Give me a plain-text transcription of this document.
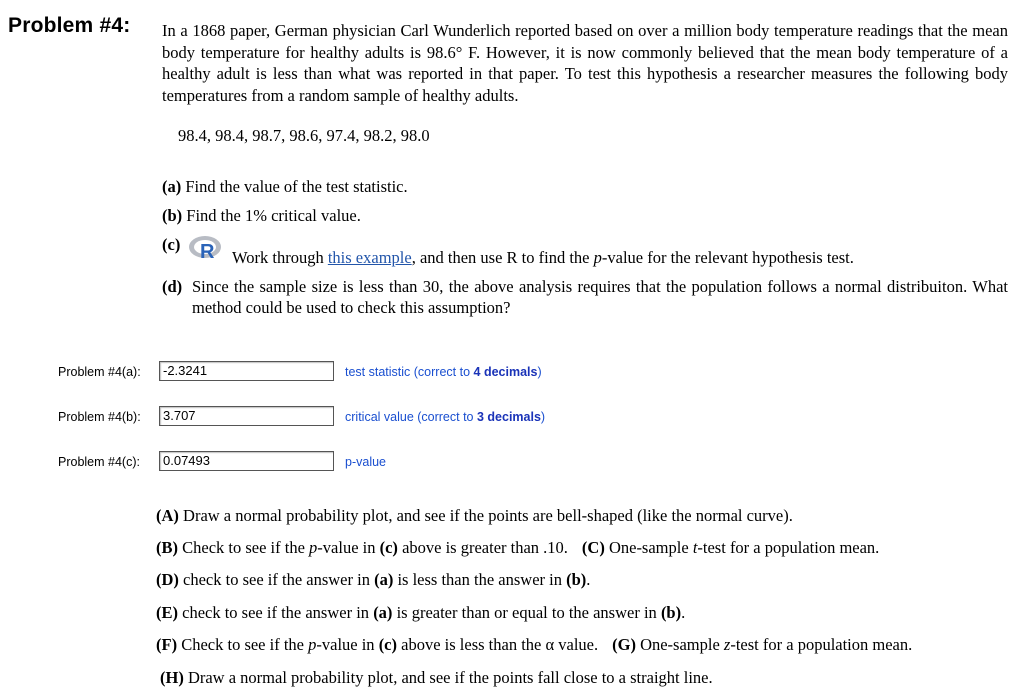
Problem #4: In a 1868 paper, German physician Carl Wunderlich reported based on over a million body temperature readings that the mean body temperature for healthy adults is 98.6° F. However, it is now commonly believed that the mean body temperature of a healthy adult is less than what was reported in that paper. To test this hypothesis a researcher measures the following body temperatures from a random sample of healthy adults.
98.4, 98.4, 98.7, 98.6, 97.4, 98.2, 98.0
(a) Find the value of the test statistic.
(b) Find the 1% critical value.
(c) R Work through this example, and then use R to find the p-value for the relevant hypothesis test.
(d) Since the sample size is less than 30, the above analysis requires that the population follows a normal distribuiton. What method could be used to check this assumption?
Problem #4(a):
-2.3241	test statistic (correct to 4 decimals)
Problem #4(b):
3.707	critical value (correct to 3 decimals)
Problem #4(c):
0.07493	p-value
(A) Draw a normal probability plot, and see if the points are bell-shaped (like the normal curve).
(B) Check to see if the p-value in (c) above is greater than .10. (C) One-sample t-test for a population mean.
(D) check to see if the answer in (a) is less than the answer in (b).
(E) check to see if the answer in (a) is greater than or equal to the answer in (b).
(F) Check to see if the p-value in (c) above is less than the α value. (G) One-sample z-test for a population mean.
(H) Draw a normal probability plot, and see if the points fall close to a straight line.
